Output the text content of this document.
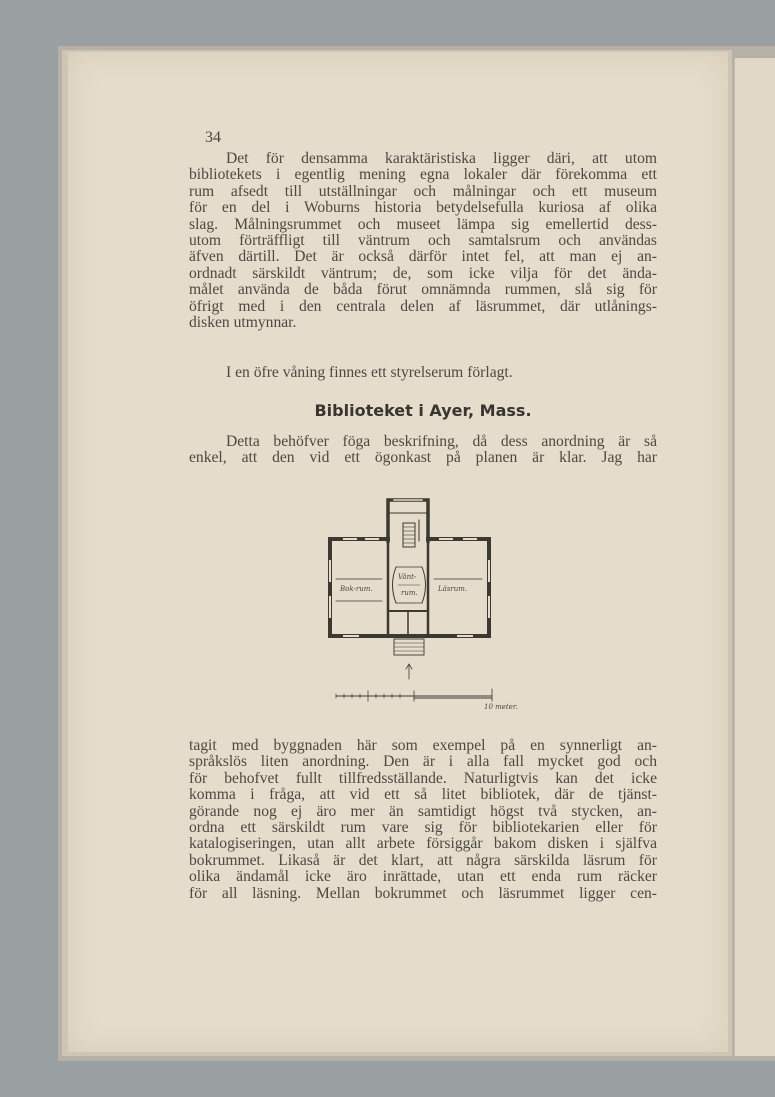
34
Det för densamma karaktäristiska ligger däri, att utom
bibliotekets i egentlig mening egna lokaler där förekomma ett
rum afsedt till utställningar och målningar och ett museum
för en del i Woburns historia betydelsefulla kuriosa af olika
slag. Målningsrummet och museet lämpa sig emellertid dess-
utom förträffligt till väntrum och samtalsrum och användas
äfven därtill. Det är också därför intet fel, att man ej an-
ordnadt särskildt väntrum; de, som icke vilja för det ända-
målet använda de båda förut omnämnda rummen, slå sig för
öfrigt med i den centrala delen af läsrummet, där utlånings-
disken utmynnar.
I en öfre våning finnes ett styrelserum förlagt.
Biblioteket i Ayer, Mass.
Detta behöfver föga beskrifning, då dess anordning är så
enkel, att den vid ett ögonkast på planen är klar. Jag har
Bok-rum.
Vänt-
rum.	Läsrum.
10 meter.
tagit med byggnaden här som exempel på en synnerligt an-
språkslös liten anordning. Den är i alla fall mycket god och
för behofvet fullt tillfredsställande. Naturligtvis kan det icke
komma i fråga, att vid ett så litet bibliotek, där de tjänst-
görande nog ej äro mer än samtidigt högst två stycken, an-
ordna ett särskildt rum vare sig för bibliotekarien eller för
katalogiseringen, utan allt arbete försiggår bakom disken i själfva
bokrummet. Likaså är det klart, att några särskilda läsrum för
olika ändamål icke äro inrättade, utan ett enda rum räcker
för all läsning. Mellan bokrummet och läsrummet ligger cen-
